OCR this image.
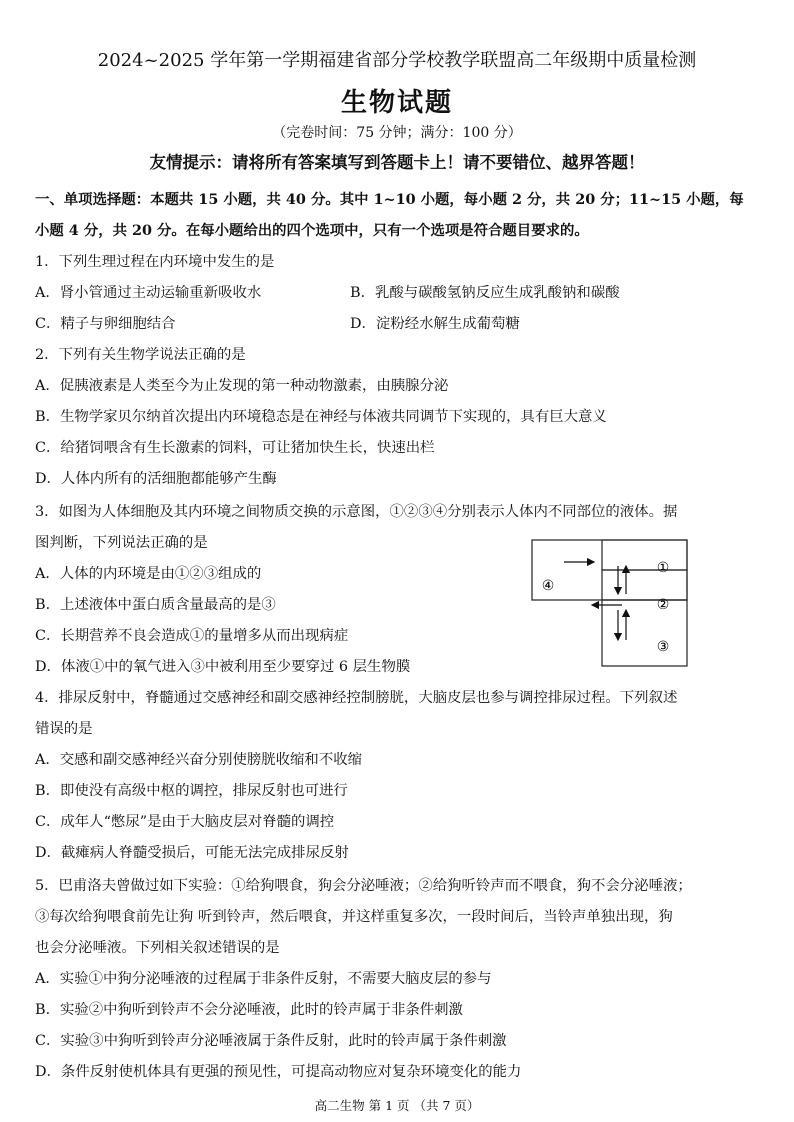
2024~2025 学年第一学期福建省部分学校教学联盟高二年级期中质量检测
生物试题
（完卷时间：75 分钟；满分：100 分）
友情提示：请将所有答案填写到答题卡上！请不要错位、越界答题！
一、单项选择题：本题共 15 小题，共 40 分。其中 1~10 小题，每小题 2 分，共 20 分；11~15 小题，每
小题 4 分，共 20 分。在每小题给出的四个选项中，只有一个选项是符合题目要求的。
1．下列生理过程在内环境中发生的是
A．肾小管通过主动运输重新吸收水	B．乳酸与碳酸氢钠反应生成乳酸钠和碳酸
C．精子与卵细胞结合	D．淀粉经水解生成葡萄糖
2．下列有关生物学说法正确的是
A．促胰液素是人类至今为止发现的第一种动物激素，由胰腺分泌
B．生物学家贝尔纳首次提出内环境稳态是在神经与体液共同调节下实现的，具有巨大意义
C．给猪饲喂含有生长激素的饲料，可让猪加快生长，快速出栏
D．人体内所有的活细胞都能够产生酶
3．如图为人体细胞及其内环境之间物质交换的示意图，①②③④分别表示人体内不同部位的液体。据
图判断，下列说法正确的是
A．人体的内环境是由①②③组成的
B．上述液体中蛋白质含量最高的是③
C．长期营养不良会造成①的量增多从而出现病症
D．体液①中的氧气进入③中被利用至少要穿过 6 层生物膜
④
①
②
③
4．排尿反射中，脊髓通过交感神经和副交感神经控制膀胱，大脑皮层也参与调控排尿过程。下列叙述
错误的是
A．交感和副交感神经兴奋分别使膀胱收缩和不收缩
B．即使没有高级中枢的调控，排尿反射也可进行
C．成年人“憋尿”是由于大脑皮层对脊髓的调控
D．截瘫病人脊髓受损后，可能无法完成排尿反射
5．巴甫洛夫曾做过如下实验：①给狗喂食，狗会分泌唾液；②给狗听铃声而不喂食，狗不会分泌唾液；
③每次给狗喂食前先让狗 听到铃声，然后喂食，并这样重复多次，一段时间后，当铃声单独出现，狗
也会分泌唾液。下列相关叙述错误的是
A．实验①中狗分泌唾液的过程属于非条件反射，不需要大脑皮层的参与
B．实验②中狗听到铃声不会分泌唾液，此时的铃声属于非条件刺激
C．实验③中狗听到铃声分泌唾液属于条件反射，此时的铃声属于条件刺激
D．条件反射使机体具有更强的预见性，可提高动物应对复杂环境变化的能力
高二生物 第 1 页 （共 7 页）
